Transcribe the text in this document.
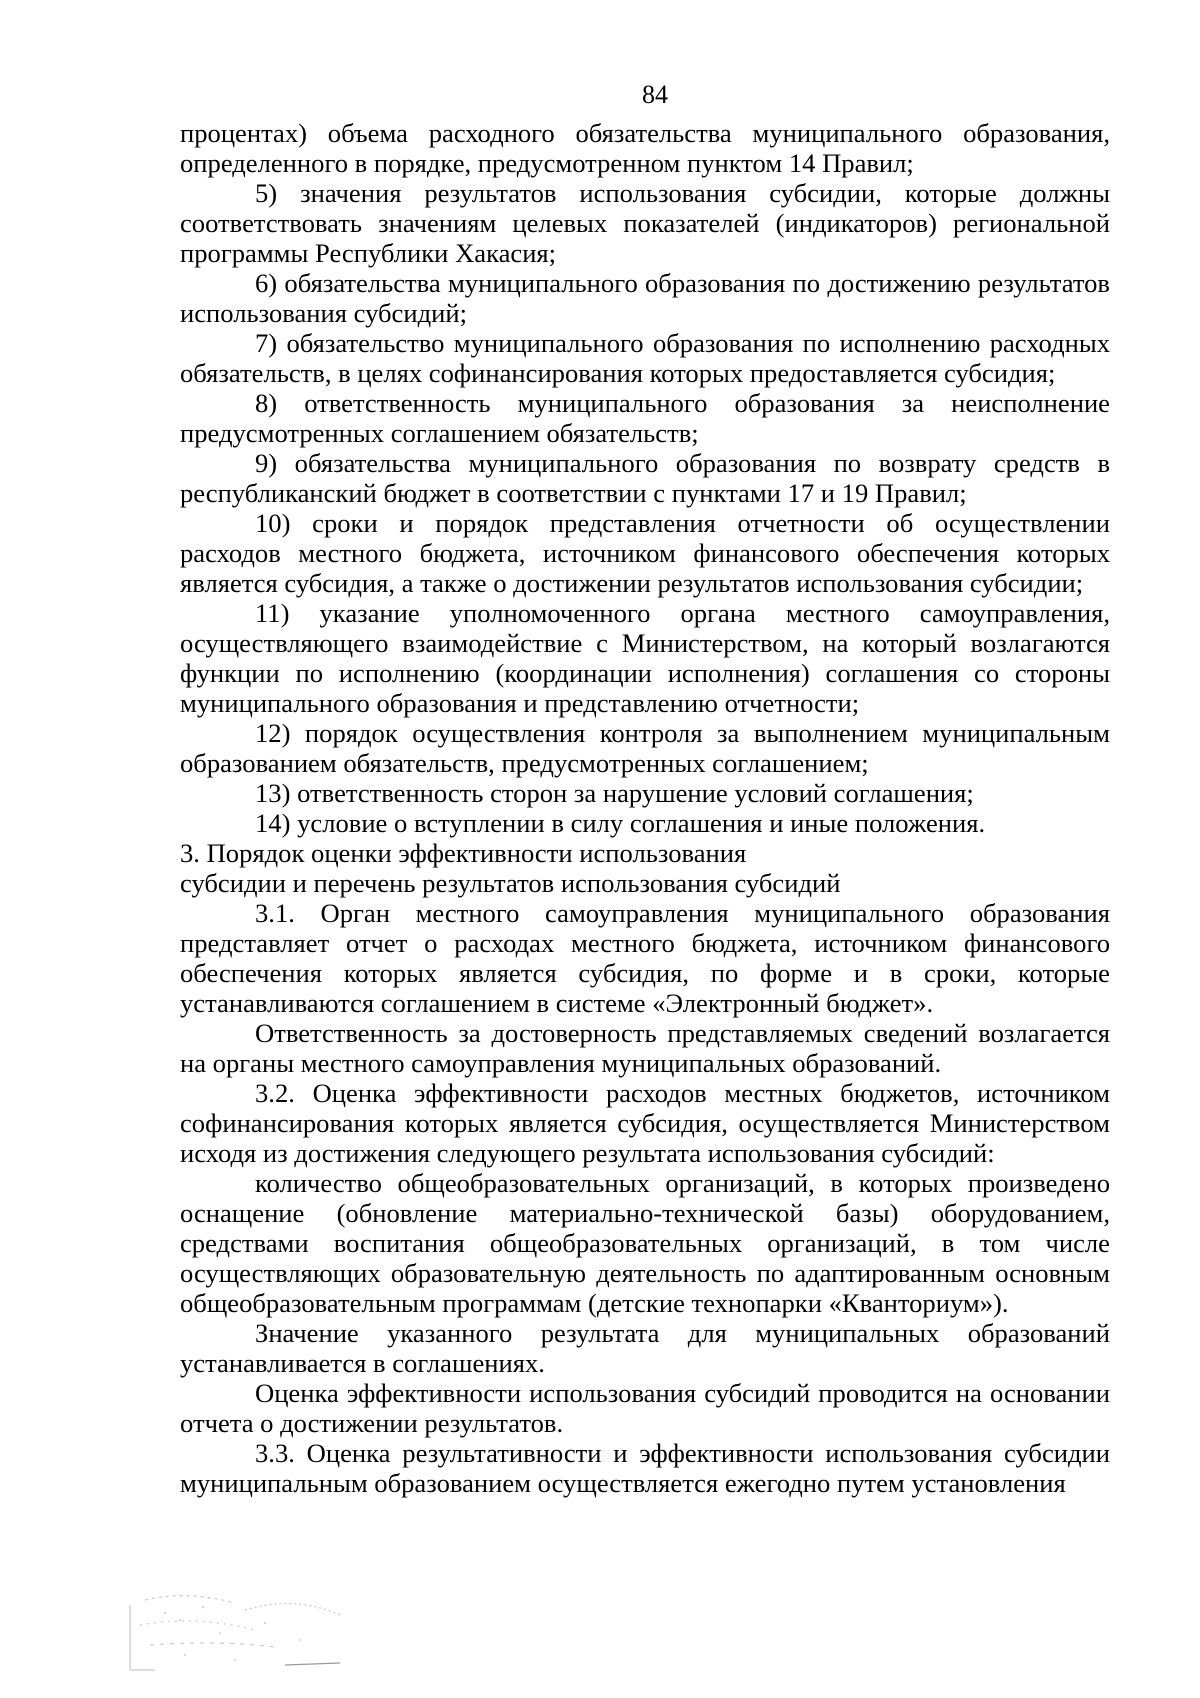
84

процентах) объема расходного обязательства муниципального образования, определенного в порядке, предусмотренном пунктом 14 Правил;

5) значения результатов использования субсидии, которые должны соответствовать значениям целевых показателей (индикаторов) региональной программы Республики Хакасия;

6) обязательства муниципального образования по достижению результатов использования субсидий;

7) обязательство муниципального образования по исполнению расходных обязательств, в целях софинансирования которых предоставляется субсидия;

8) ответственность муниципального образования за неисполнение предусмотренных соглашением обязательств;

9) обязательства муниципального образования по возврату средств в республиканский бюджет в соответствии с пунктами 17 и 19 Правил;

10) сроки и порядок представления отчетности об осуществлении расходов местного бюджета, источником финансового обеспечения которых является субсидия, а также о достижении результатов использования субсидии;

11) указание уполномоченного органа местного самоуправления, осуществляющего взаимодействие с Министерством, на который возлагаются функции по исполнению (координации исполнения) соглашения со стороны муниципального образования и представлению отчетности;

12) порядок осуществления контроля за выполнением муниципальным образованием обязательств, предусмотренных соглашением;

13) ответственность сторон за нарушение условий соглашения;

14) условие о вступлении в силу соглашения и иные положения.

3. Порядок оценки эффективности использования
субсидии и перечень результатов использования субсидий

3.1. Орган местного самоуправления муниципального образования представляет отчет о расходах местного бюджета, источником финансового обеспечения которых является субсидия, по форме и в сроки, которые устанавливаются соглашением в системе «Электронный бюджет».

Ответственность за достоверность представляемых сведений возлагается на органы местного самоуправления муниципальных образований.

3.2. Оценка эффективности расходов местных бюджетов, источником софинансирования которых является субсидия, осуществляется Министерством исходя из достижения следующего результата использования субсидий:

количество общеобразовательных организаций, в которых произведено оснащение (обновление материально-технической базы) оборудованием, средствами воспитания общеобразовательных организаций, в том числе осуществляющих образовательную деятельность по адаптированным основным общеобразовательным программам (детские технопарки «Кванториум»).

Значение указанного результата для муниципальных образований устанавливается в соглашениях.

Оценка эффективности использования субсидий проводится на основании отчета о достижении результатов.

3.3. Оценка результативности и эффективности использования субсидии муниципальным образованием осуществляется ежегодно путем установления
